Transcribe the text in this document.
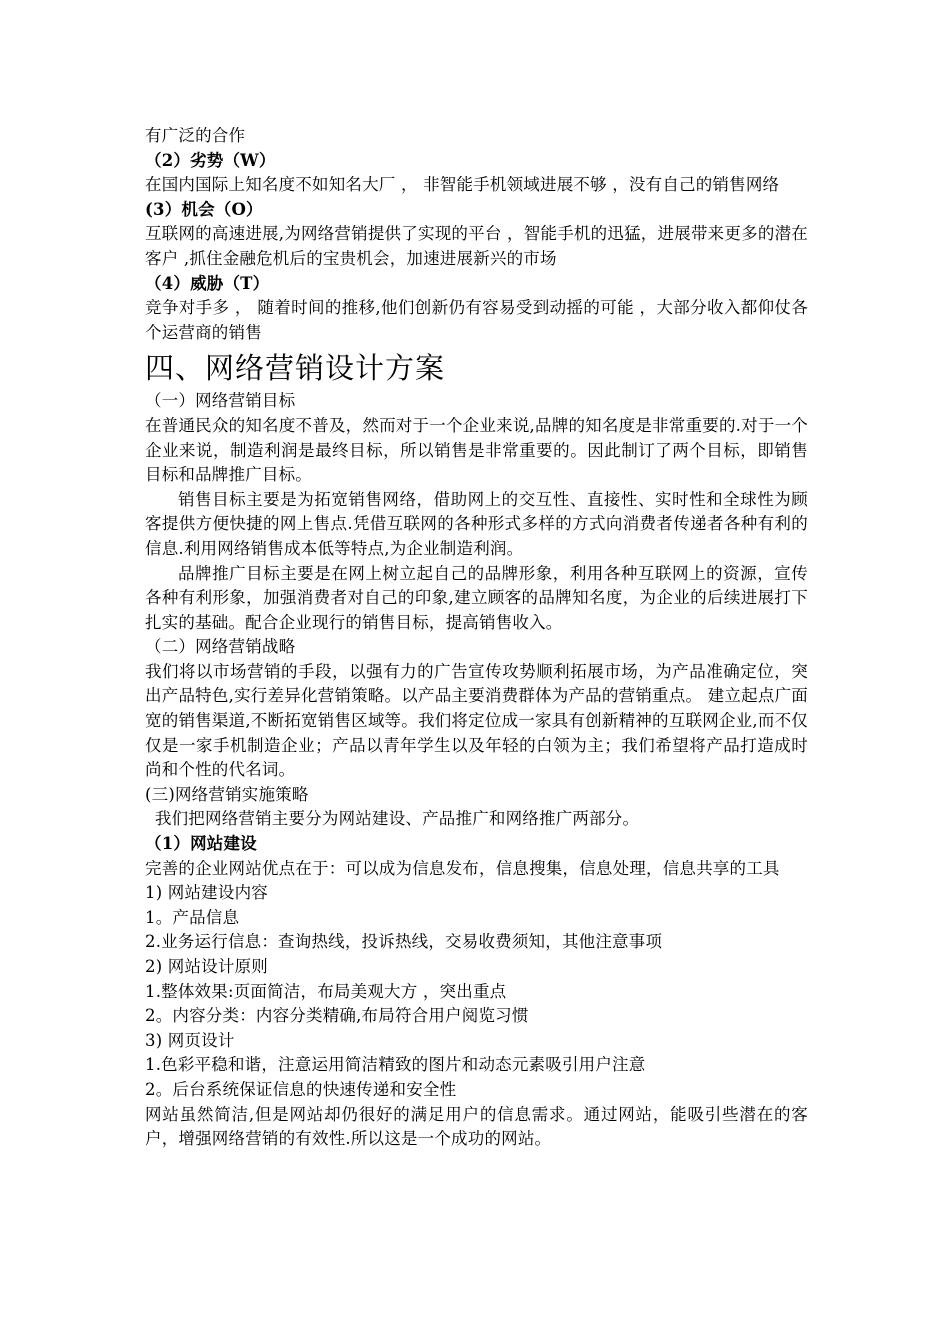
有广泛的合作
（2）劣势（W）
在国内国际上知名度不如知名大厂 ， 非智能手机领域进展不够 ，没有自己的销售网络
(3）机会（O）
互联网的高速进展,为网络营销提供了实现的平台 ，智能手机的迅猛，进展带来更多的潜在客户 ,抓住金融危机后的宝贵机会，加速进展新兴的市场
（4）威胁（T）
竞争对手多 ， 随着时间的推移,他们创新仍有容易受到动摇的可能 ，大部分收入都仰仗各个运营商的销售
四、网络营销设计方案
（一）网络营销目标
在普通民众的知名度不普及，然而对于一个企业来说,品牌的知名度是非常重要的.对于一个企业来说，制造利润是最终目标，所以销售是非常重要的。因此制订了两个目标，即销售目标和品牌推广目标。
销售目标主要是为拓宽销售网络，借助网上的交互性、直接性、实时性和全球性为顾客提供方便快捷的网上售点.凭借互联网的各种形式多样的方式向消费者传递者各种有利的信息.利用网络销售成本低等特点,为企业制造利润。
品牌推广目标主要是在网上树立起自己的品牌形象，利用各种互联网上的资源，宣传各种有利形象，加强消费者对自己的印象,建立顾客的品牌知名度，为企业的后续进展打下扎实的基础。配合企业现行的销售目标，提高销售收入。
（二）网络营销战略
我们将以市场营销的手段，以强有力的广告宣传攻势顺利拓展市场，为产品准确定位，突出产品特色,实行差异化营销策略。以产品主要消费群体为产品的营销重点。 建立起点广面宽的销售渠道,不断拓宽销售区域等。我们将定位成一家具有创新精神的互联网企业,而不仅仅是一家手机制造企业；产品以青年学生以及年轻的白领为主；我们希望将产品打造成时尚和个性的代名词。
(三)网络营销实施策略
我们把网络营销主要分为网站建设、产品推广和网络推广两部分。
（1）网站建设
完善的企业网站优点在于：可以成为信息发布，信息搜集，信息处理，信息共享的工具
1) 网站建设内容
1。产品信息
2.业务运行信息：查询热线，投诉热线，交易收费须知，其他注意事项
2) 网站设计原则
1.整体效果:页面简洁，布局美观大方 ，突出重点
2。内容分类：内容分类精确,布局符合用户阅览习惯
3) 网页设计
1.色彩平稳和谐，注意运用简洁精致的图片和动态元素吸引用户注意
2。后台系统保证信息的快速传递和安全性
网站虽然简洁,但是网站却仍很好的满足用户的信息需求。通过网站，能吸引些潜在的客户，增强网络营销的有效性.所以这是一个成功的网站。
